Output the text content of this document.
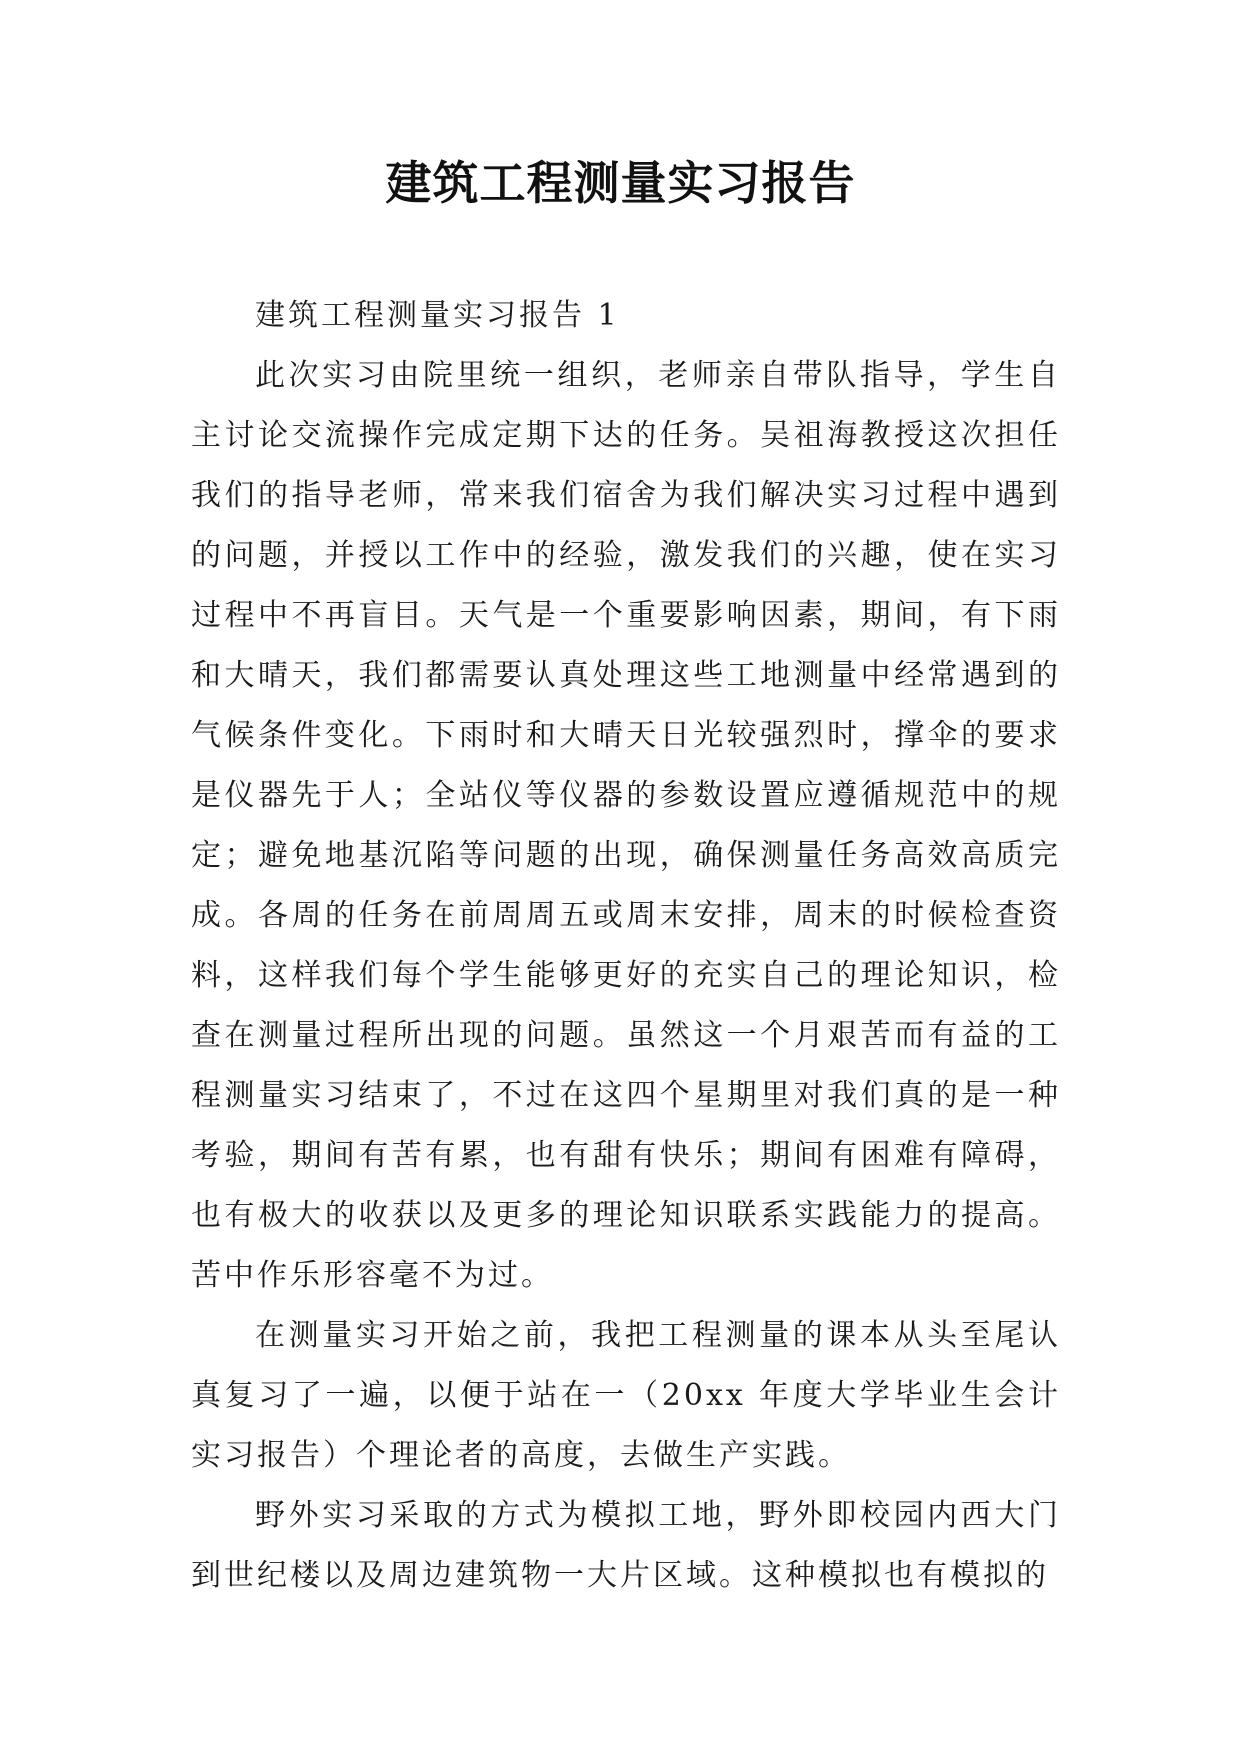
建筑工程测量实习报告

建筑工程测量实习报告 1

此次实习由院里统一组织，老师亲自带队指导，学生自主讨论交流操作完成定期下达的任务。吴祖海教授这次担任我们的指导老师，常来我们宿舍为我们解决实习过程中遇到的问题，并授以工作中的经验，激发我们的兴趣，使在实习过程中不再盲目。天气是一个重要影响因素，期间，有下雨和大晴天，我们都需要认真处理这些工地测量中经常遇到的气候条件变化。下雨时和大晴天日光较强烈时，撑伞的要求是仪器先于人；全站仪等仪器的参数设置应遵循规范中的规定；避免地基沉陷等问题的出现，确保测量任务高效高质完成。各周的任务在前周周五或周末安排，周末的时候检查资料，这样我们每个学生能够更好的充实自己的理论知识，检查在测量过程所出现的问题。虽然这一个月艰苦而有益的工程测量实习结束了，不过在这四个星期里对我们真的是一种考验，期间有苦有累，也有甜有快乐；期间有困难有障碍，也有极大的收获以及更多的理论知识联系实践能力的提高。苦中作乐形容毫不为过。

在测量实习开始之前，我把工程测量的课本从头至尾认真复习了一遍，以便于站在一（20xx 年度大学毕业生会计实习报告）个理论者的高度，去做生产实践。

野外实习采取的方式为模拟工地，野外即校园内西大门到世纪楼以及周边建筑物一大片区域。这种模拟也有模拟的
